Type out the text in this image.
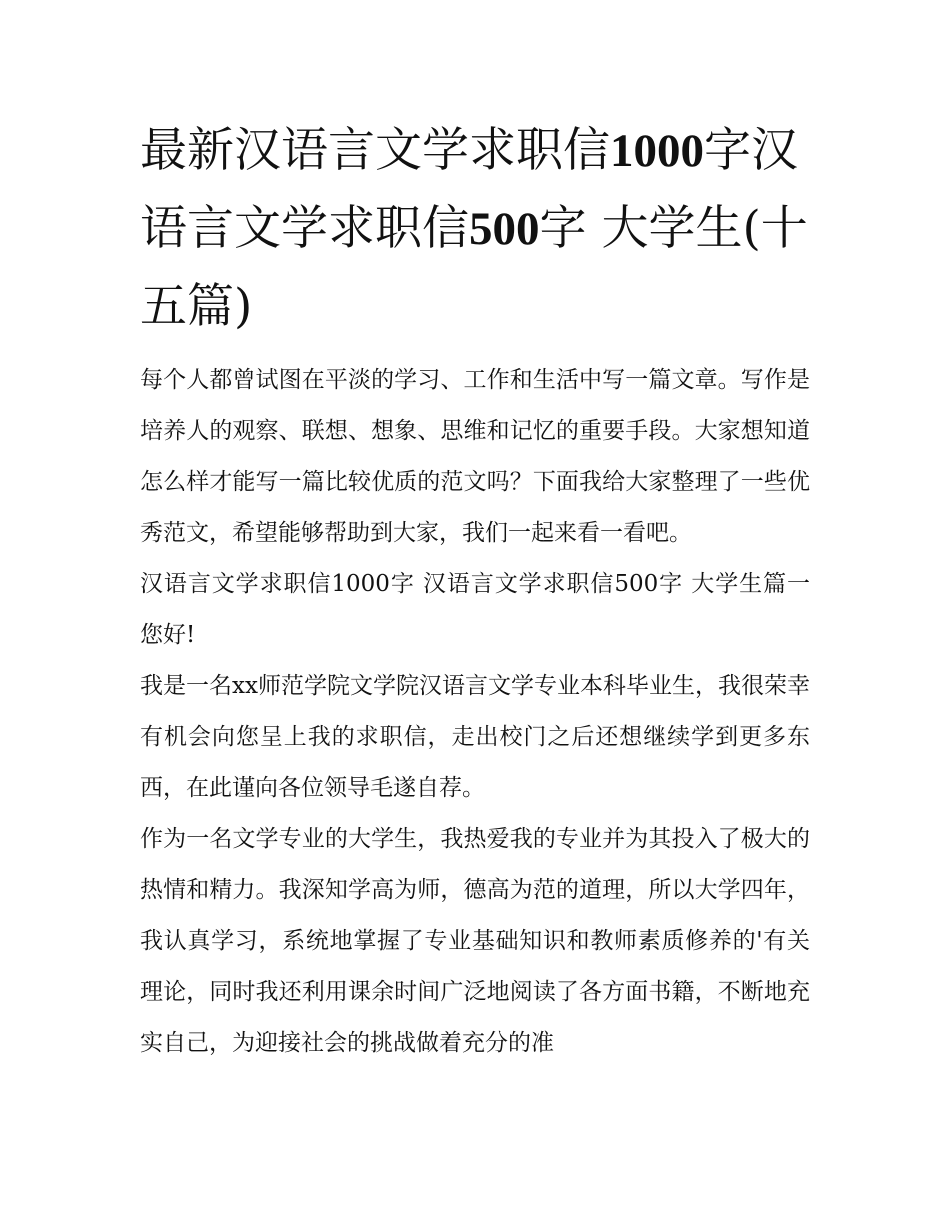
最新汉语言文学求职信1000字汉语言文学求职信500字 大学生(十五篇)

每个人都曾试图在平淡的学习、工作和生活中写一篇文章。写作是培养人的观察、联想、想象、思维和记忆的重要手段。大家想知道怎么样才能写一篇比较优质的范文吗？下面我给大家整理了一些优秀范文，希望能够帮助到大家，我们一起来看一看吧。

汉语言文学求职信1000字 汉语言文学求职信500字 大学生篇一 您好!

我是一名xx师范学院文学院汉语言文学专业本科毕业生，我很荣幸有机会向您呈上我的求职信，走出校门之后还想继续学到更多东西，在此谨向各位领导毛遂自荐。

作为一名文学专业的大学生，我热爱我的专业并为其投入了极大的热情和精力。我深知学高为师，德高为范的道理，所以大学四年，我认真学习，系统地掌握了专业基础知识和教师素质修养的'有关理论，同时我还利用课余时间广泛地阅读了各方面书籍，不断地充实自己，为迎接社会的挑战做着充分的准
